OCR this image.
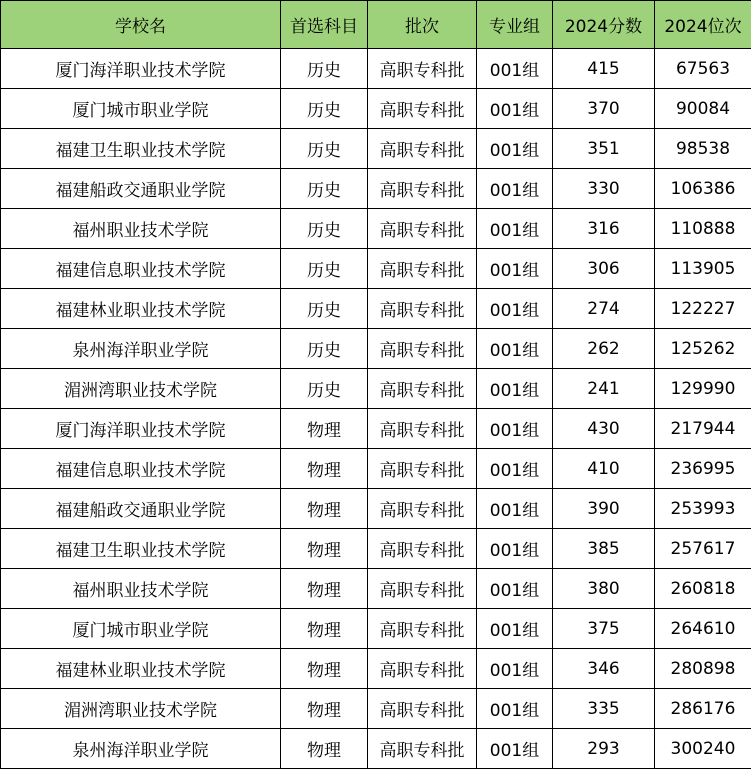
学校名	首选科目	批次	专业组	2024分数	2024位次
厦门海洋职业技术学院	历史	高职专科批	001组	415	67563
厦门城市职业学院	历史	高职专科批	001组	370	90084
福建卫生职业技术学院	历史	高职专科批	001组	351	98538
福建船政交通职业学院	历史	高职专科批	001组	330	106386
福州职业技术学院	历史	高职专科批	001组	316	110888
福建信息职业技术学院	历史	高职专科批	001组	306	113905
福建林业职业技术学院	历史	高职专科批	001组	274	122227
泉州海洋职业学院	历史	高职专科批	001组	262	125262
湄洲湾职业技术学院	历史	高职专科批	001组	241	129990
厦门海洋职业技术学院	物理	高职专科批	001组	430	217944
福建信息职业技术学院	物理	高职专科批	001组	410	236995
福建船政交通职业学院	物理	高职专科批	001组	390	253993
福建卫生职业技术学院	物理	高职专科批	001组	385	257617
福州职业技术学院	物理	高职专科批	001组	380	260818
厦门城市职业学院	物理	高职专科批	001组	375	264610
福建林业职业技术学院	物理	高职专科批	001组	346	280898
湄洲湾职业技术学院	物理	高职专科批	001组	335	286176
泉州海洋职业学院	物理	高职专科批	001组	293	300240
